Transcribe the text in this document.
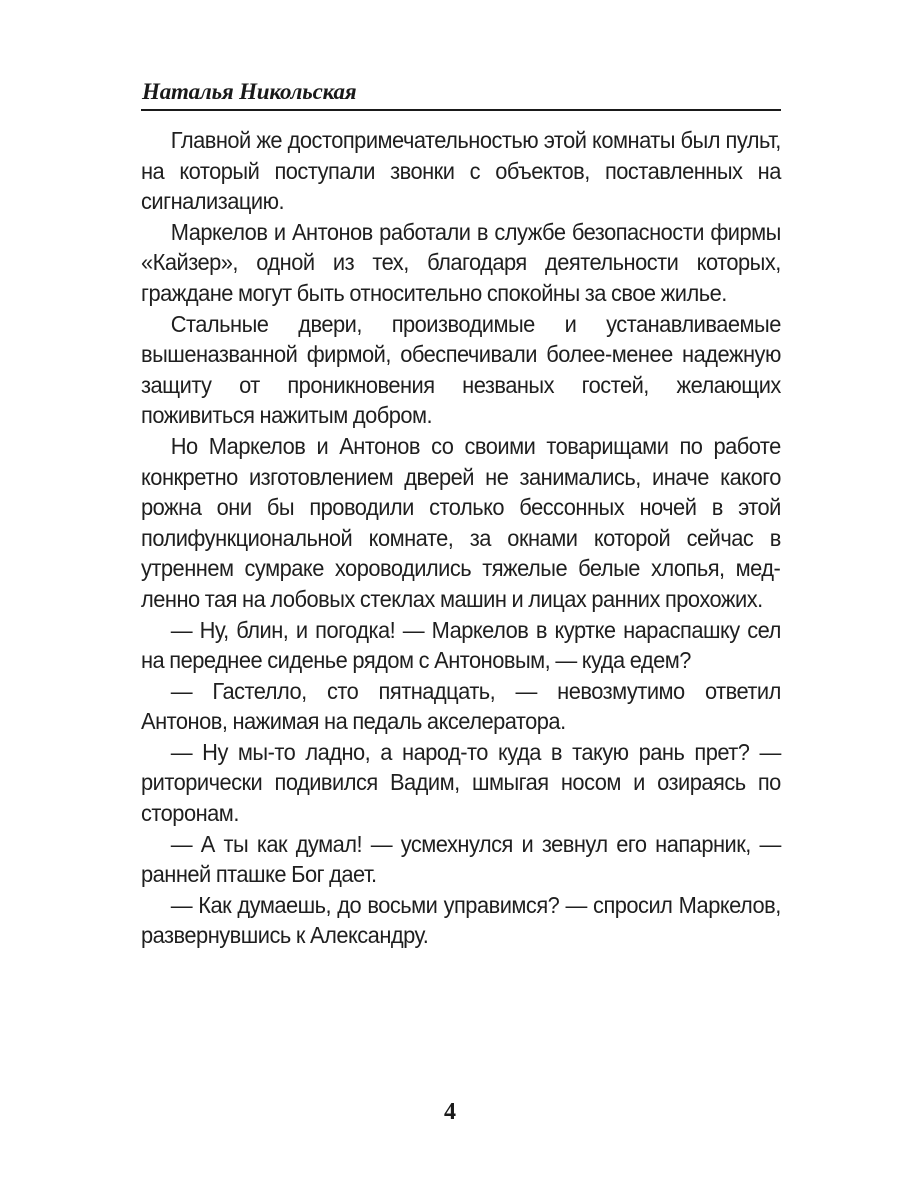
Наталья Никольская

Главной же достопримечательностью этой комнаты был пульт, на который поступали звонки с объектов, поставленных на сигнализацию.

Маркелов и Антонов работали в службе безопасности фирмы «Кайзер», одной из тех, благодаря деятельности которых, граждане могут быть относительно спокойны за свое жилье.

Стальные двери, производимые и устанавливаемые вышеназванной фирмой, обеспечивали более-менее надежную защиту от проникновения незваных гостей, желающих поживиться нажитым добром.

Но Маркелов и Антонов со своими товарищами по работе конкретно изготовлением дверей не занимались, иначе какого рожна они бы проводили столько бессонных ночей в этой полифункциональной комнате, за окнами которой сейчас в утреннем сумраке хороводились тяжелые белые хлопья, медленно тая на лобовых стеклах машин и лицах ранних прохожих.

— Ну, блин, и погодка! — Маркелов в куртке нараспашку сел на переднее сиденье рядом с Антоновым, — куда едем?

— Гастелло, сто пятнадцать, — невозмутимо ответил Антонов, нажимая на педаль акселератора.

— Ну мы-то ладно, а народ-то куда в такую рань прет? — риторически подивился Вадим, шмыгая носом и озираясь по сторонам.

— А ты как думал! — усмехнулся и зевнул его напарник, — ранней пташке Бог дает.

— Как думаешь, до восьми управимся? — спросил Маркелов, развернувшись к Александру.

4
